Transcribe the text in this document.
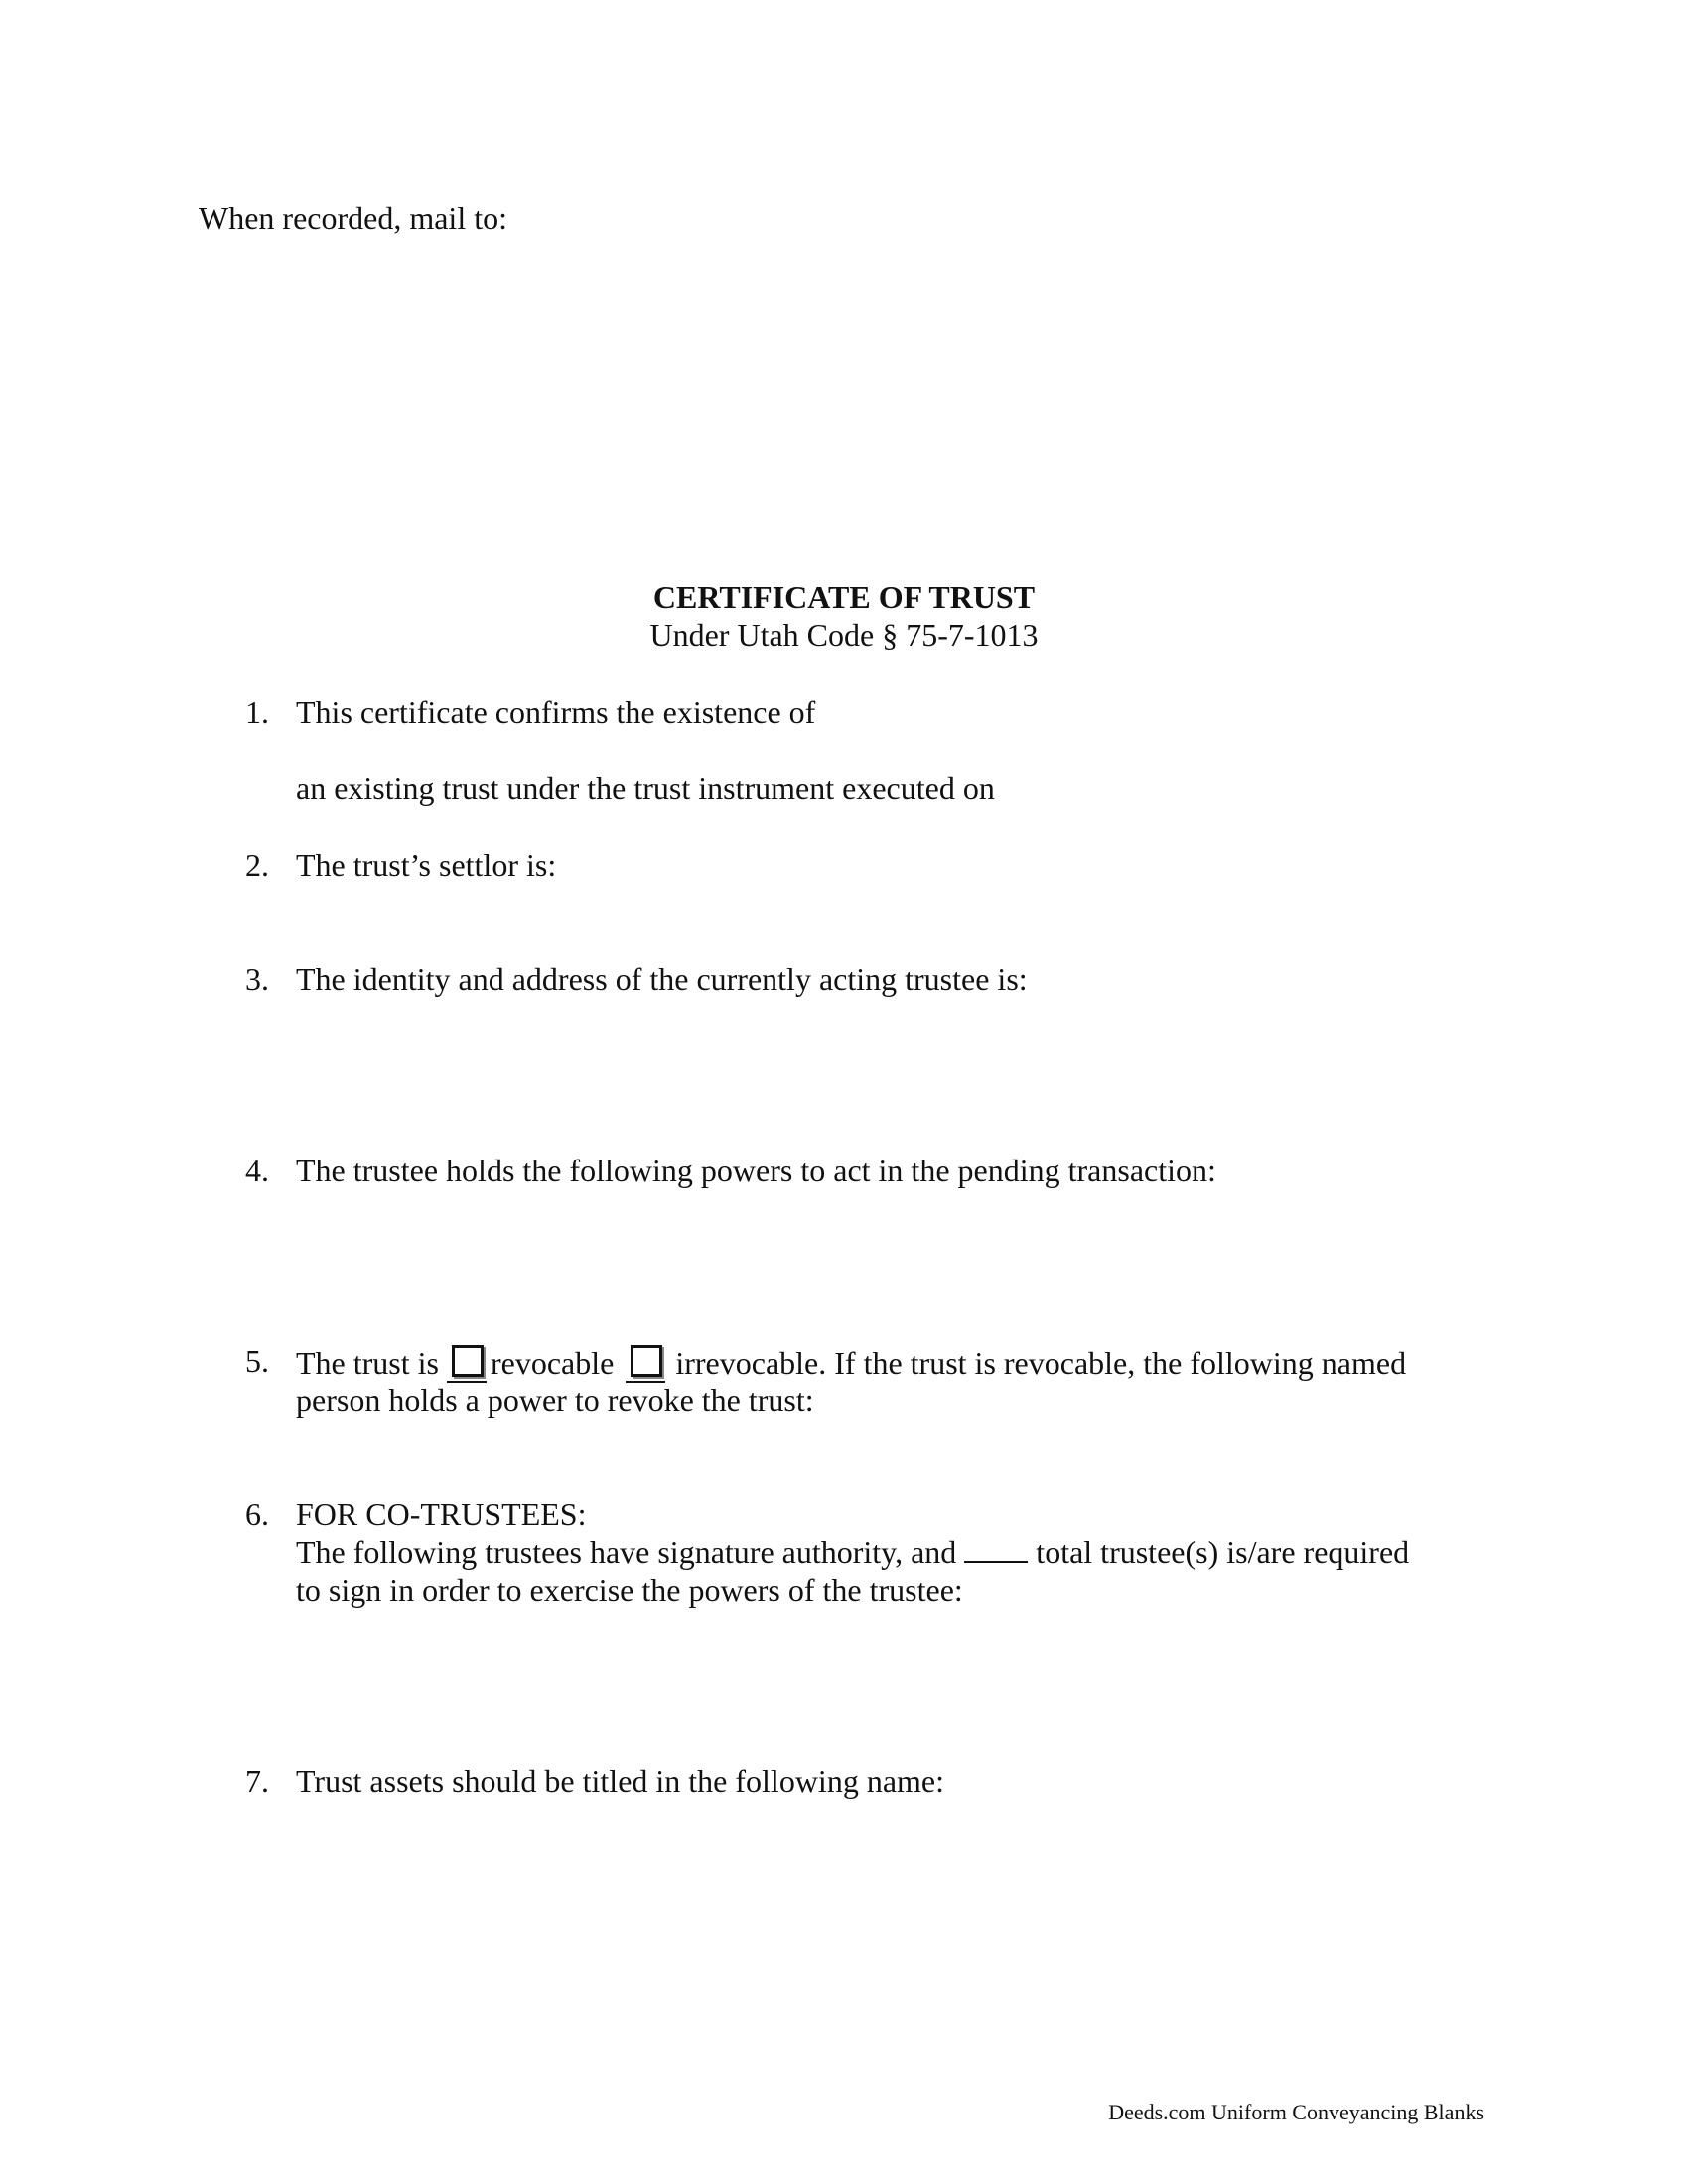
When recorded, mail to:
CERTIFICATE OF TRUST
Under Utah Code § 75-7-1013
1. This certificate confirms the existence of
an existing trust under the trust instrument executed on
2. The trust’s settlor is:
3. The identity and address of the currently acting trustee is:
4. The trustee holds the following powers to act in the pending transaction:
5. The trust is revocable irrevocable. If the trust is revocable, the following named
person holds a power to revoke the trust:
6. FOR CO-TRUSTEES:
The following trustees have signature authority, and	total trustee(s) is/are required
to sign in order to exercise the powers of the trustee:
7. Trust assets should be titled in the following name:
Deeds.com Uniform Conveyancing Blanks
